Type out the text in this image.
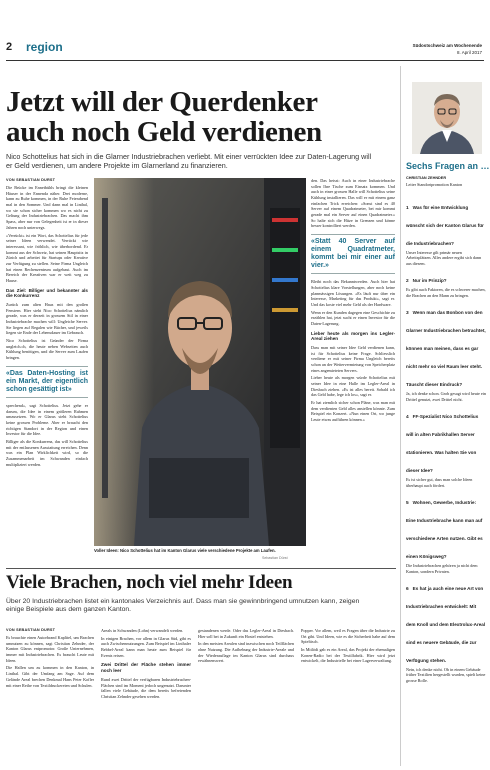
2 region	Südostschweiz am Wochenende
8. April 2017
Jetzt will der Querdenker
auch noch Geld verdienen
Nico Schottelius hat sich in die Glarner Industriebrachen verliebt. Mit einer verrückten Idee zur Daten-Lagerung will er Geld verdienen, um andere Projekte im Glarnerland zu finanzieren.
VON SEBASTIAN DÜRST

Die Brücke im Ennetbühls bringt die kleinen Häuser in der Ennenda näher. Drei moderne, kann zu Ruhe kommen, in der Ruhe Feierabend mal in den Sommer. Und dann mal in Linthal, wo sie schon sicher kommen wo es nicht zu Geltung der Industriebrachen. Das macht ihm Spass, aber nur von Gelegenheit ist er in dieser Jahren noch unterwegs.

«Verrückt» ist ein Wort, das Schottelius für jede seiner Ideen verwendet. Verrückt wie interessant, wie fröhlich, wie überbordend. Er kommt aus der Schweiz, hat seinen Hauptsitz in Zürich und arbeitet für Startups oder Kreative zur Verfügung zu stellen. Seine Firma Ungleich hat einen Rechenzentrum aufgebaut. Auch im Bereich der Kreativen war er weit weg zu Hause.

Das Ziel: Billiger und bekannter als die Konkurrenz

Zurück zum alten Haus mit den großen Fenstern. Hier steht Nico Schottelius nämlich gerade, was er derzeit in grossem Stil in einer Industriebrache machen will: Ungleiche Server. Sie liegen auf Regalen wie Bücher, und jeweils liegen sie Ende der Lebensdauer im Gebrauch.

Nico Schottelius ist Gründer der Firma ungleich.ch, die heute neben Webseiten auch Kühlung benötigen, und die Server zum Laufen bringen.

«Das Daten-Hosting ist ein Markt, der eigentlich schon gesättigt ist»

sprechend», sagt Schottelius. Jetzt gehe er darum, die Idee in einem größeren Rahmen umzusetzen. Wo er Glarus sieht Schottelius keine grossen Probleme. Aber er braucht den richtigen Standort in der Region und einen Investor für die Idee.

Billiger als die Konkurrenz, das will Schottelius mit der entlassenen Ausstattung erreichen. Denn was ein Plan Wirklichkeit wird, so die Zusammenarbeit im Schwanden einfach multipliziert werden.

Voller Ideen: Nico Schottelius hat im Kanton Glarus viele verschiedene Projekte am Laufen.
Sebastian Dürst

den. Das heisst: Auch in einer Industriebrache sollen Ihre Tische zum Einsatz kommen. Und auch in einer grossen Halle will Schottelius seine Kühlung installieren. Das will er mit einem ganz einfachen Trick erreichen: «Sonst sind es 40 Server auf einem Quadratmeter, bei mir kommt gerade mal ein Server auf einen Quadratmeter.» So halte sich die Hitze in Grenzen und könne besser kontrolliert werden.

«Statt 40 Server auf einem Quadratmeter, kommt bei mir einer auf vier.»

Bleibt noch das Bekanntwerden. Auch hier hat Schottelius klare Vorstellungen, aber noch keine planmässigen Lösungen. «Es läuft nur über ein Interesse, Marketing für das Produkt», sagt er. Und das koste viel mehr Geld als der Hardware.

Wenn er den Kunden dagegen eine Geschichte zu erzählen hat, jetzt sucht er einen Investor für die Daten-Lagerung.

Lieber heute als morgen ins Legler-Areal ziehen

Dass man mit seiner Idee Geld verdienen kann, ist für Schottelius keine Frage. Schliesslich verdiene er mit seiner Firma Ungleich bereits schon an der Weitervermietung von Speicherplatz eines angemieteten Servers.

Lieber heute als morgen würde Schottelius mit seiner Idee in eine Halle im Legler-Areal in Diesbach ziehen. «Es ist alles bereit. Sobald ich das Geld habe, lege ich los», sagt er.

Er hat ziemlich sicher schon Pläne, was man mit dem verdienten Geld alles anstellen könnte. Zum Beispiel ein Konzert. «Nun einen Ort, wo junge Leute etwas aufführen können.»

Sechs Fragen an …
CHRISTIAN ZEHNDER
Leiter Standortpromotion Kanton
1 Was für eine Entwicklung wünscht sich der Kanton Glarus für die Industriebrachen?
Unser Interesse gilt primär neuen Arbeitsplätzen. Alles andere ergibt sich dann aus diesem.
2 Nur im Prinzip?
Es gibt auch Faktoren, die es schwerer machen, die Brachen an den Mann zu bringen.
3 Wenn man das Bonbon von den Glarner Industriebrachen betrachtet, können man meinen, dass es gar nicht mehr so viel Raum leer steht. Täuscht dieser Eindruck?
Ja, ich denke schon. Grob gesagt wird heute ein Drittel genutzt, zwei Drittel nicht.
4 FF-Spezialist Nico Schottelius will in alten Fabrikhallen Server stationieren. Was halten Sie von dieser Idee?
Es ist sicher gut, dass man solche Ideen überhaupt auch fördert.
5 Wohnen, Gewerbe, Industrie: Eine Industriebrache kann man auf verschiedene Arten nutzen. Gibt es einen Königsweg?
Die Industriebrachen gehören ja nicht dem Kanton, sondern Privaten.
6 Es hat ja auch eine neue Art von Industriebrachen entwickelt: Mit dem Knoll und dem Elextrolux-Areal sind es neuere Gebäude, die zur Verfügung stehen.
Nein, ich denke nicht. Ob in einem Gebäude früher Textilien hergestellt wurden, spielt keine grosse Rolle.
Viele Brachen, noch viel mehr Ideen
Über 20 Industriebrachen listet ein kantonales Verzeichnis auf. Dass man sie gewinnbringend umnutzen kann, zeigen einige Beispiele aus dem ganzen Kanton.
VON SEBASTIAN DÜRST

Es brauchte einen Autorbrand Kaplitel, um Brachen umnutzen zu können, sagt Christian Zehnder, der Kanton Glarus entpromotor. Große Unternehmen, immer mit Industriebrachen. Es braucht Leute mit Ideen.

Die Hallen um zu kommen in den Kanton, in Linthal. Gibt der Umfang am Sage. Auf dem Gelände Areal brechen Denkmal Hans Peter Kofler mit einer Reihe von Textildruckereien und Schulen.

Areals in Schwanden (Lohn) verwandelt werden.

In einigen Brachen, vor allem in Glarus Süd, gibt es auch Zwischennutzungen. Zum Beispiel im Linthaler Bebbel-Areal kann man heute zum Beispiel für Events reisen.

Zwei Drittel der Fläche stehen immer noch leer

Rund zwei Drittel der verfügbaren Industriebrachen-Flächen sind im Moment jedoch ungenutzt. Darunter fallen viele Gebäude, die dem bereits befreienden Christian Zehnder gesehen werden.

gestandenen werde. Oder das Legler-Areal in Diesbach. Hier soll bei in Zukunft ein Hostel entstehen.

In den meisten Arealen sind inzwischen noch Teilflächen ohne Nutzung. Die Aufhebung der Industrie-Areale und der Wiederauflage im Kanton Glarus sind durchaus erwähnenswert.

Popper. Vor allem, weil es Fragen über die Industrie zu Ort gibt. Und Ideen, wie es die Sicherheit habe auf dem Spieltisch.

In Mitlödi gab es ein Areal, das Projekt der ehemaligen Konen-Radio bei der Textilfabrik. Hier wird jetzt entwickelt, die Industrielle bei einer Lagerverwaltung.
